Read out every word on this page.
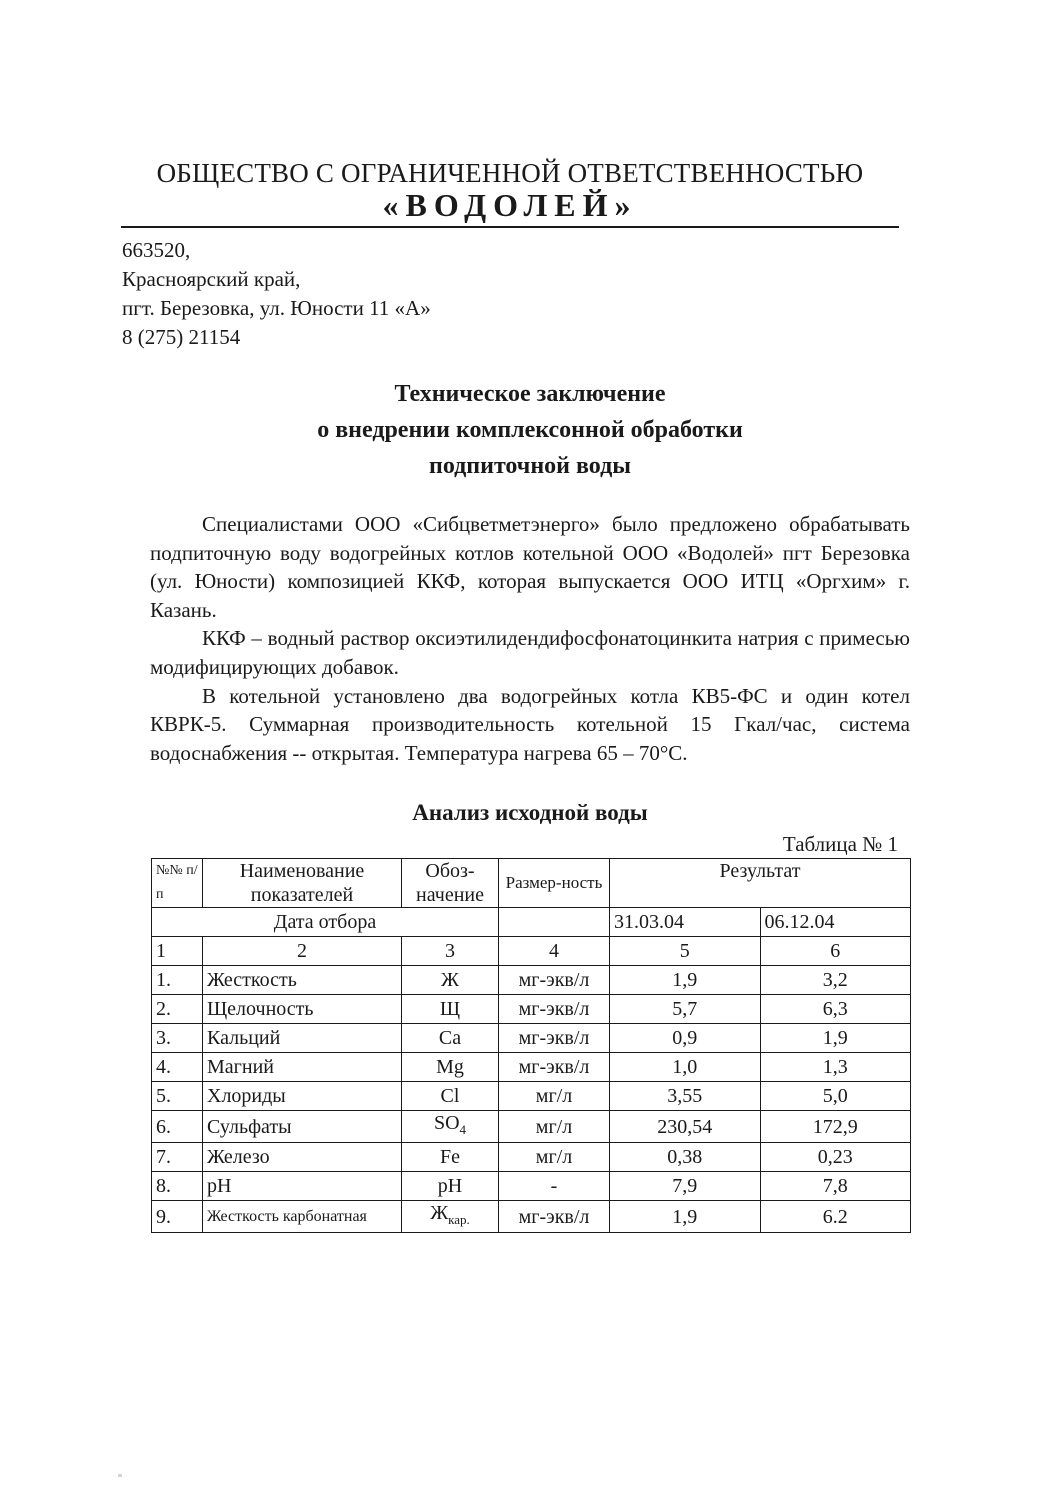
ОБЩЕСТВО С ОГРАНИЧЕННОЙ ОТВЕТСТВЕННОСТЬЮ
«ВОДОЛЕЙ»
663520,
Красноярский край,
пгт. Березовка, ул. Юности 11 «А»
8 (275) 21154
Техническое заключение
о внедрении комплексонной обработки
подпиточной воды

Специалистами ООО «Сибцветметэнерго» было предложено обрабатывать подпиточную воду водогрейных котлов котельной ООО «Водолей» пгт Березовка (ул. Юности) композицией ККФ, которая выпускается ООО ИТЦ «Оргхим» г. Казань.

ККФ – водный раствор оксиэтилидендифосфонатоцинкита натрия с примесью модифицирующих добавок.

В котельной установлено два водогрейных котла КВ5-ФС и один котел КВРК-5. Суммарная производительность котельной 15 Гкал/час, система водоснабжения -- открытая. Температура нагрева 65 – 70°С.

Анализ исходной воды
Таблица № 1
№№ п/п	Наименование показателей	Обоз-начение	Размер-ность	Результат	
Дата отбора				31.03.04	06.12.04
1	2	3	4	5	6
1.	Жесткость	Ж	мг-экв/л	1,9	3,2
2.	Щелочность	Щ	мг-экв/л	5,7	6,3
3.	Кальций	Ca	мг-экв/л	0,9	1,9
4.	Магний	Mg	мг-экв/л	1,0	1,3
5.	Хлориды	Cl	мг/л	3,55	5,0
6.	Сульфаты	$SO_4$	мг/л	230,54	172,9
7.	Железо	Fe	мг/л	0,38	0,23
8.	pH	pH	-	7,9	7,8
9.	Жесткость карбонатная	$Ж_{кар.}$	мг-экв/л	1,9	6.2
